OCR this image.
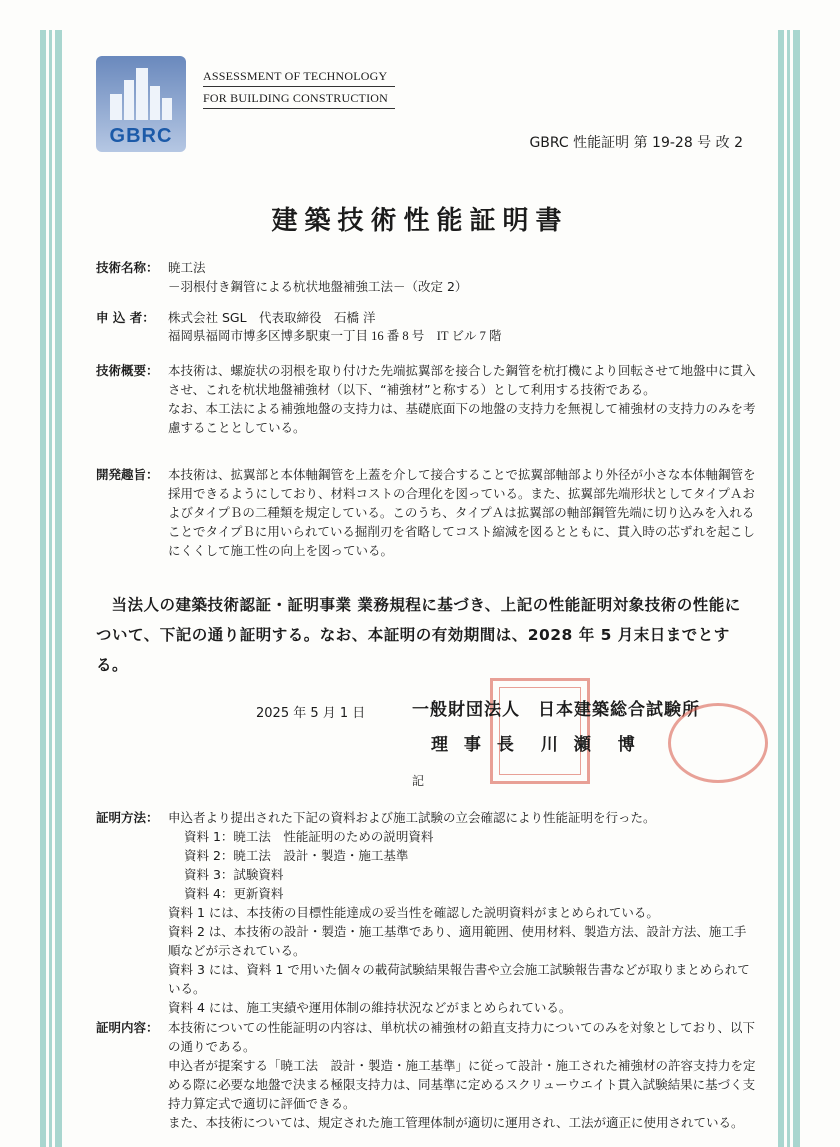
GBRC
ASSESSMENT OF TECHNOLOGY
FOR BUILDING CONSTRUCTION
GBRC 性能証明 第 19-28 号 改 2
建築技術性能証明書
技術名称： 暁工法

－羽根付き鋼管による杭状地盤補強工法－（改定 2）

申 込 者： 株式会社 SGL　代表取締役　石橋 洋

福岡県福岡市博多区博多駅東一丁目 16 番 8 号　IT ビル 7 階

技術概要： 本技術は、螺旋状の羽根を取り付けた先端拡翼部を接合した鋼管を杭打機により回転させて地盤中に貫入させ、これを杭状地盤補強材（以下、“補強材”と称する）として利用する技術である。

なお、本工法による補強地盤の支持力は、基礎底面下の地盤の支持力を無視して補強材の支持力のみを考慮することとしている。

開発趣旨： 本技術は、拡翼部と本体軸鋼管を上蓋を介して接合することで拡翼部軸部より外径が小さな本体軸鋼管を採用できるようにしており、材料コストの合理化を図っている。また、拡翼部先端形状としてタイプＡおよびタイプＢの二種類を規定している。このうち、タイプＡは拡翼部の軸部鋼管先端に切り込みを入れることでタイプＢに用いられている掘削刃を省略してコスト縮減を図るとともに、貫入時の芯ずれを起こしにくくして施工性の向上を図っている。

当法人の建築技術認証・証明事業 業務規程に基づき、上記の性能証明対象技術の性能について、下記の通り証明する。なお、本証明の有効期間は、2028 年 5 月末日までとする。
2025 年 5 月 1 日	一般財団法人　日本建築総合試験所
理 事 長　川 瀬　博
記
証明方法： 申込者より提出された下記の資料および施工試験の立会確認により性能証明を行った。

資料 1：暁工法　性能証明のための説明資料

資料 2：暁工法　設計・製造・施工基準

資料 3：試験資料

資料 4：更新資料

資料 1 には、本技術の目標性能達成の妥当性を確認した説明資料がまとめられている。

資料 2 は、本技術の設計・製造・施工基準であり、適用範囲、使用材料、製造方法、設計方法、施工手順などが示されている。

資料 3 には、資料 1 で用いた個々の載荷試験結果報告書や立会施工試験報告書などが取りまとめられている。

資料 4 には、施工実績や運用体制の維持状況などがまとめられている。

証明内容： 本技術についての性能証明の内容は、単杭状の補強材の鉛直支持力についてのみを対象としており、以下の通りである。

申込者が提案する「暁工法　設計・製造・施工基準」に従って設計・施工された補強材の許容支持力を定める際に必要な地盤で決まる極限支持力は、同基準に定めるスクリューウエイト貫入試験結果に基づく支持力算定式で適切に評価できる。

また、本技術については、規定された施工管理体制が適切に運用され、工法が適正に使用されている。
